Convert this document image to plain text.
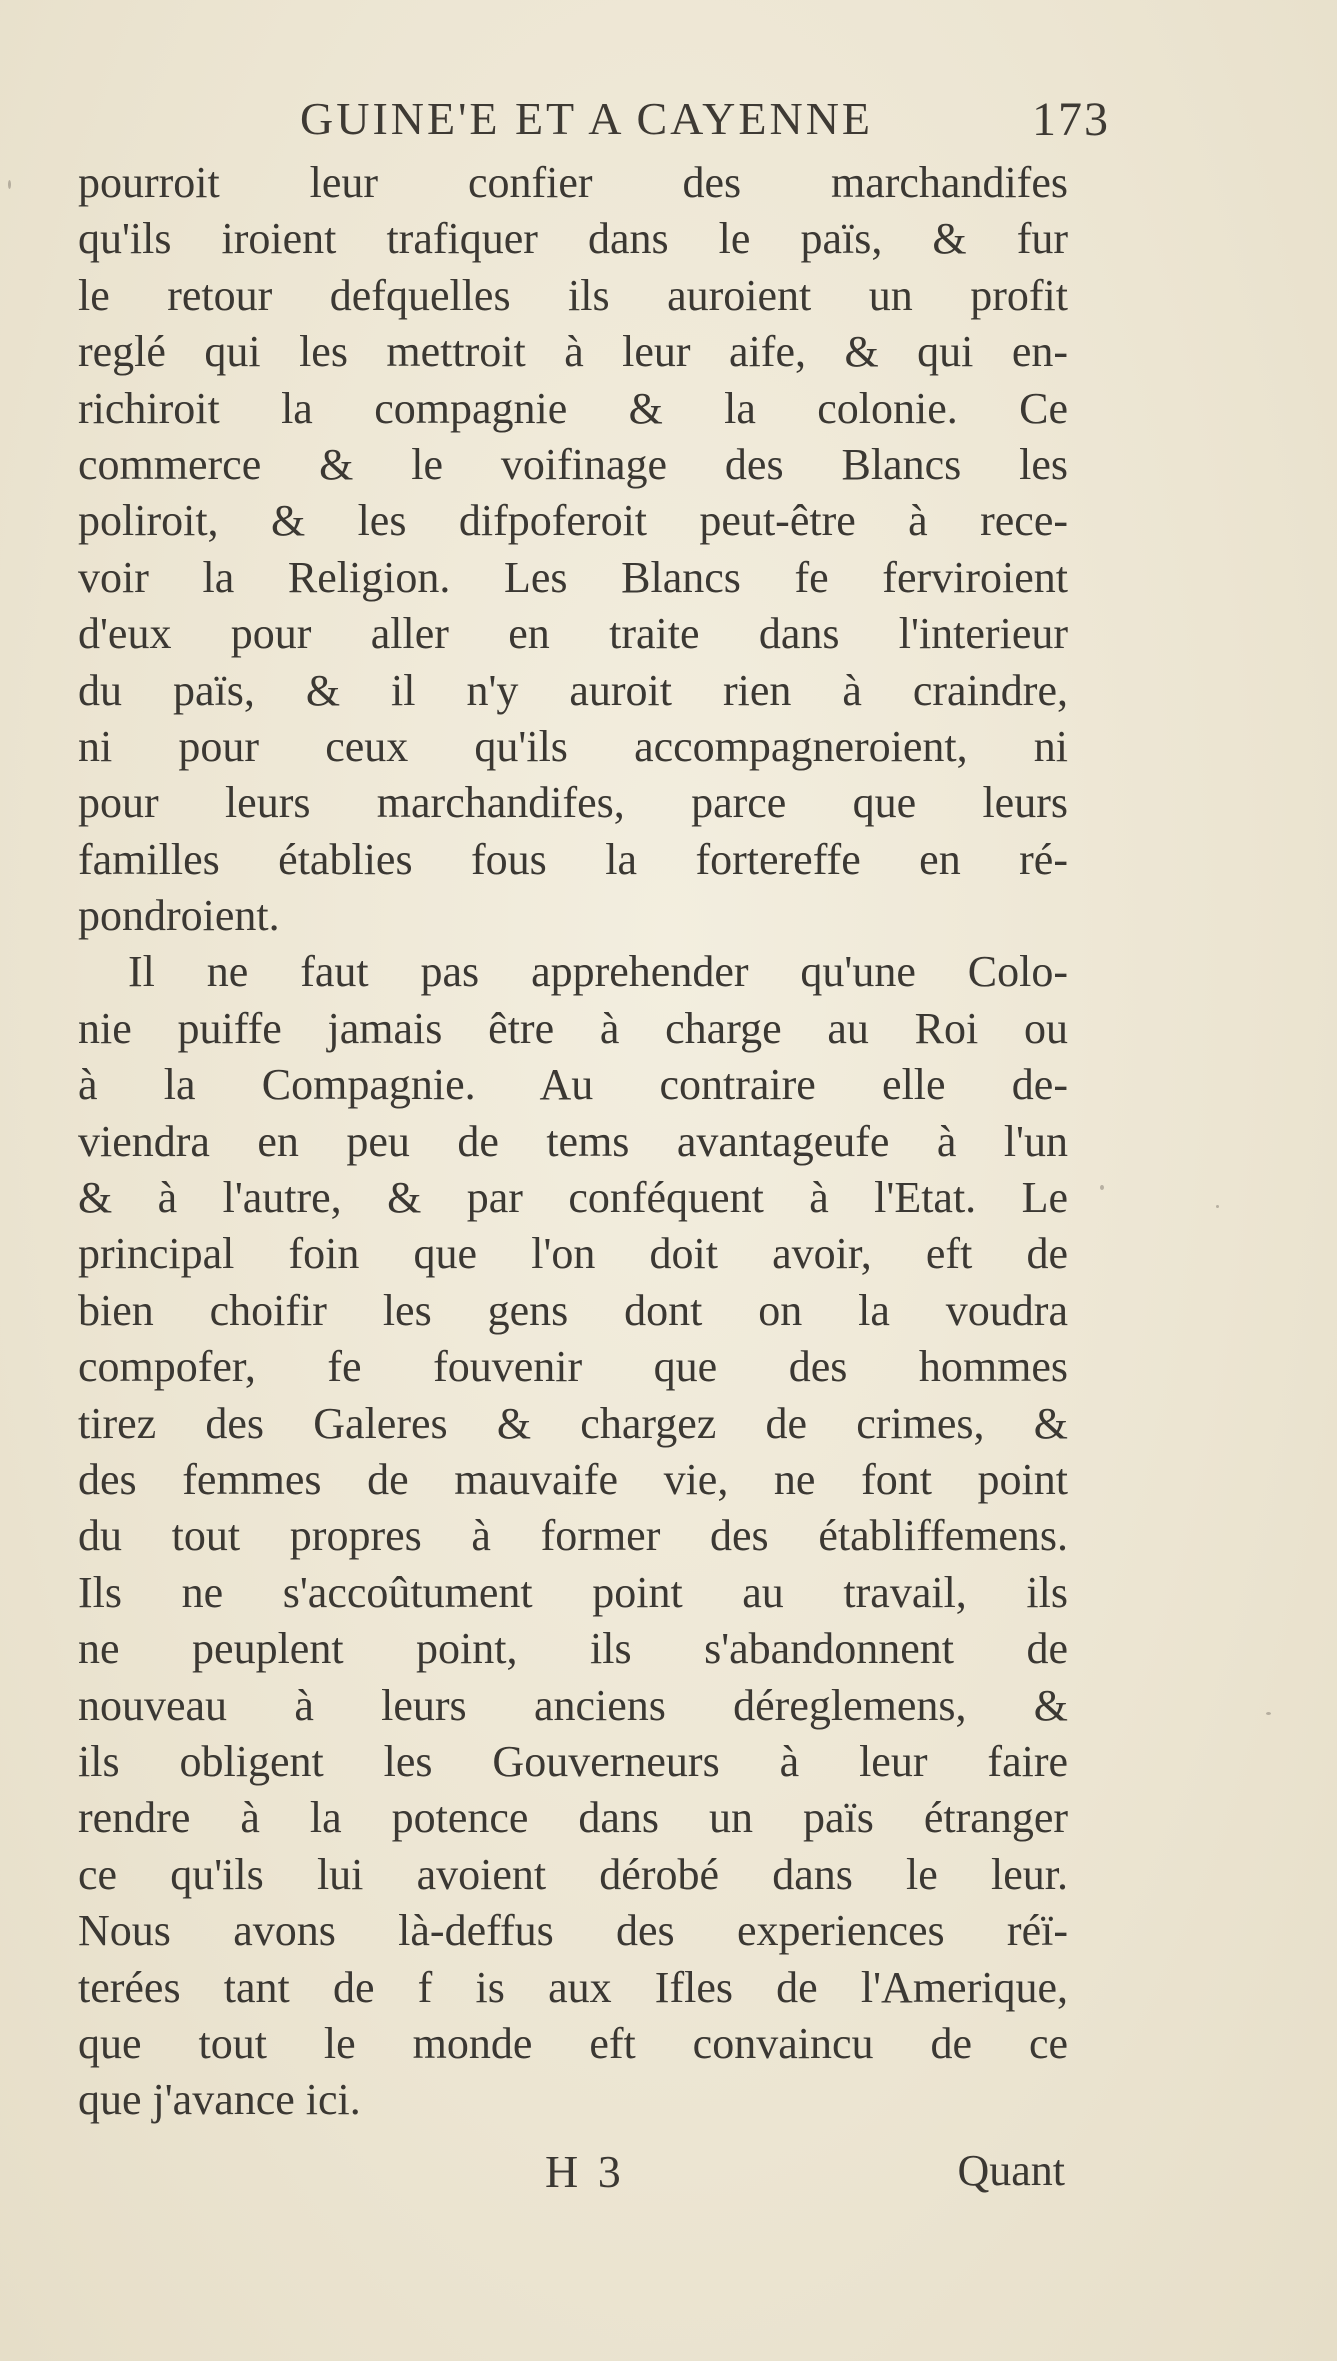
GUINE'E ET A CAYENNE	173
pourroit leur confier des marchandifes
qu'ils iroient trafiquer dans le païs, & fur
le retour defquelles ils auroient un profit
reglé qui les mettroit à leur aife, & qui en-
richiroit la compagnie & la colonie. Ce
commerce & le voifinage des Blancs les
poliroit, & les difpoferoit peut-être à rece-
voir la Religion. Les Blancs fe ferviroient
d'eux pour aller en traite dans l'interieur
du païs, & il n'y auroit rien à craindre,
ni pour ceux qu'ils accompagneroient, ni
pour leurs marchandifes, parce que leurs
familles établies fous la fortereffe en ré-
pondroient.
Il ne faut pas apprehender qu'une Colo-
nie puiffe jamais être à charge au Roi ou
à la Compagnie. Au contraire elle de-
viendra en peu de tems avantageufe à l'un
& à l'autre, & par conféquent à l'Etat. Le
principal foin que l'on doit avoir, eft de
bien choifir les gens dont on la voudra
compofer, fe fouvenir que des hommes
tirez des Galeres & chargez de crimes, &
des femmes de mauvaife vie, ne font point
du tout propres à former des établiffemens.
Ils ne s'accoûtument point au travail, ils
ne peuplent point, ils s'abandonnent de
nouveau à leurs anciens déreglemens, &
ils obligent les Gouverneurs à leur faire
rendre à la potence dans un païs étranger
ce qu'ils lui avoient dérobé dans le leur.
Nous avons là-deffus des experiences réï-
terées tant de f is aux Ifles de l'Amerique,
que tout le monde eft convaincu de ce
que j'avance ici.
H 3	Quant
